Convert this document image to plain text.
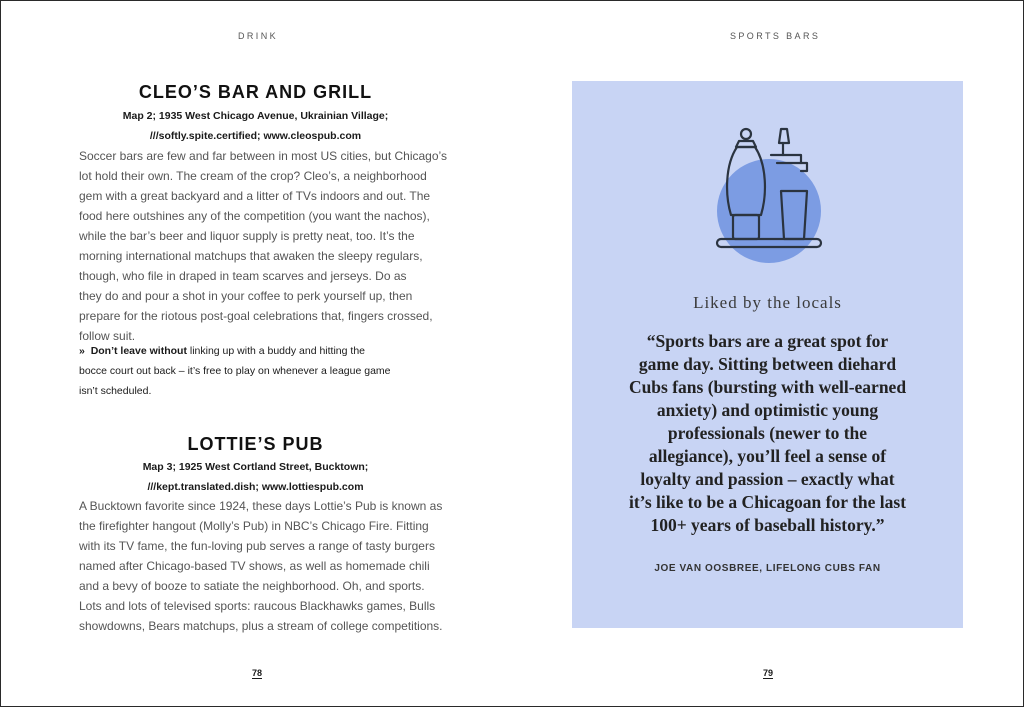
DRINK
CLEO’S BAR AND GRILL
Map 2; 1935 West Chicago Avenue, Ukrainian Village;
///softly.spite.certified; www.cleospub.com
Soccer bars are few and far between in most US cities, but Chicago’s
lot hold their own. The cream of the crop? Cleo’s, a neighborhood
gem with a great backyard and a litter of TVs indoors and out. The
food here outshines any of the competition (you want the nachos),
while the bar’s beer and liquor supply is pretty neat, too. It’s the
morning international matchups that awaken the sleepy regulars,
though, who file in draped in team scarves and jerseys. Do as
they do and pour a shot in your coffee to perk yourself up, then
prepare for the riotous post-goal celebrations that, fingers crossed,
follow suit.
» Don’t leave without linking up with a buddy and hitting the
bocce court out back – it’s free to play on whenever a league game
isn’t scheduled.
LOTTIE’S PUB
Map 3; 1925 West Cortland Street, Bucktown;
///kept.translated.dish; www.lottiespub.com
A Bucktown favorite since 1924, these days Lottie’s Pub is known as
the firefighter hangout (Molly’s Pub) in NBC’s Chicago Fire. Fitting
with its TV fame, the fun-loving pub serves a range of tasty burgers
named after Chicago-based TV shows, as well as homemade chili
and a bevy of booze to satiate the neighborhood. Oh, and sports.
Lots and lots of televised sports: raucous Blackhawks games, Bulls
showdowns, Bears matchups, plus a stream of college competitions.
78
SPORTS BARS
Liked by the locals
“Sports bars are a great spot for
game day. Sitting between diehard
Cubs fans (bursting with well-earned
anxiety) and optimistic young
professionals (newer to the
allegiance), you’ll feel a sense of
loyalty and passion – exactly what
it’s like to be a Chicagoan for the last
100+ years of baseball history.”
JOE VAN OOSBREE, LIFELONG CUBS FAN
79
